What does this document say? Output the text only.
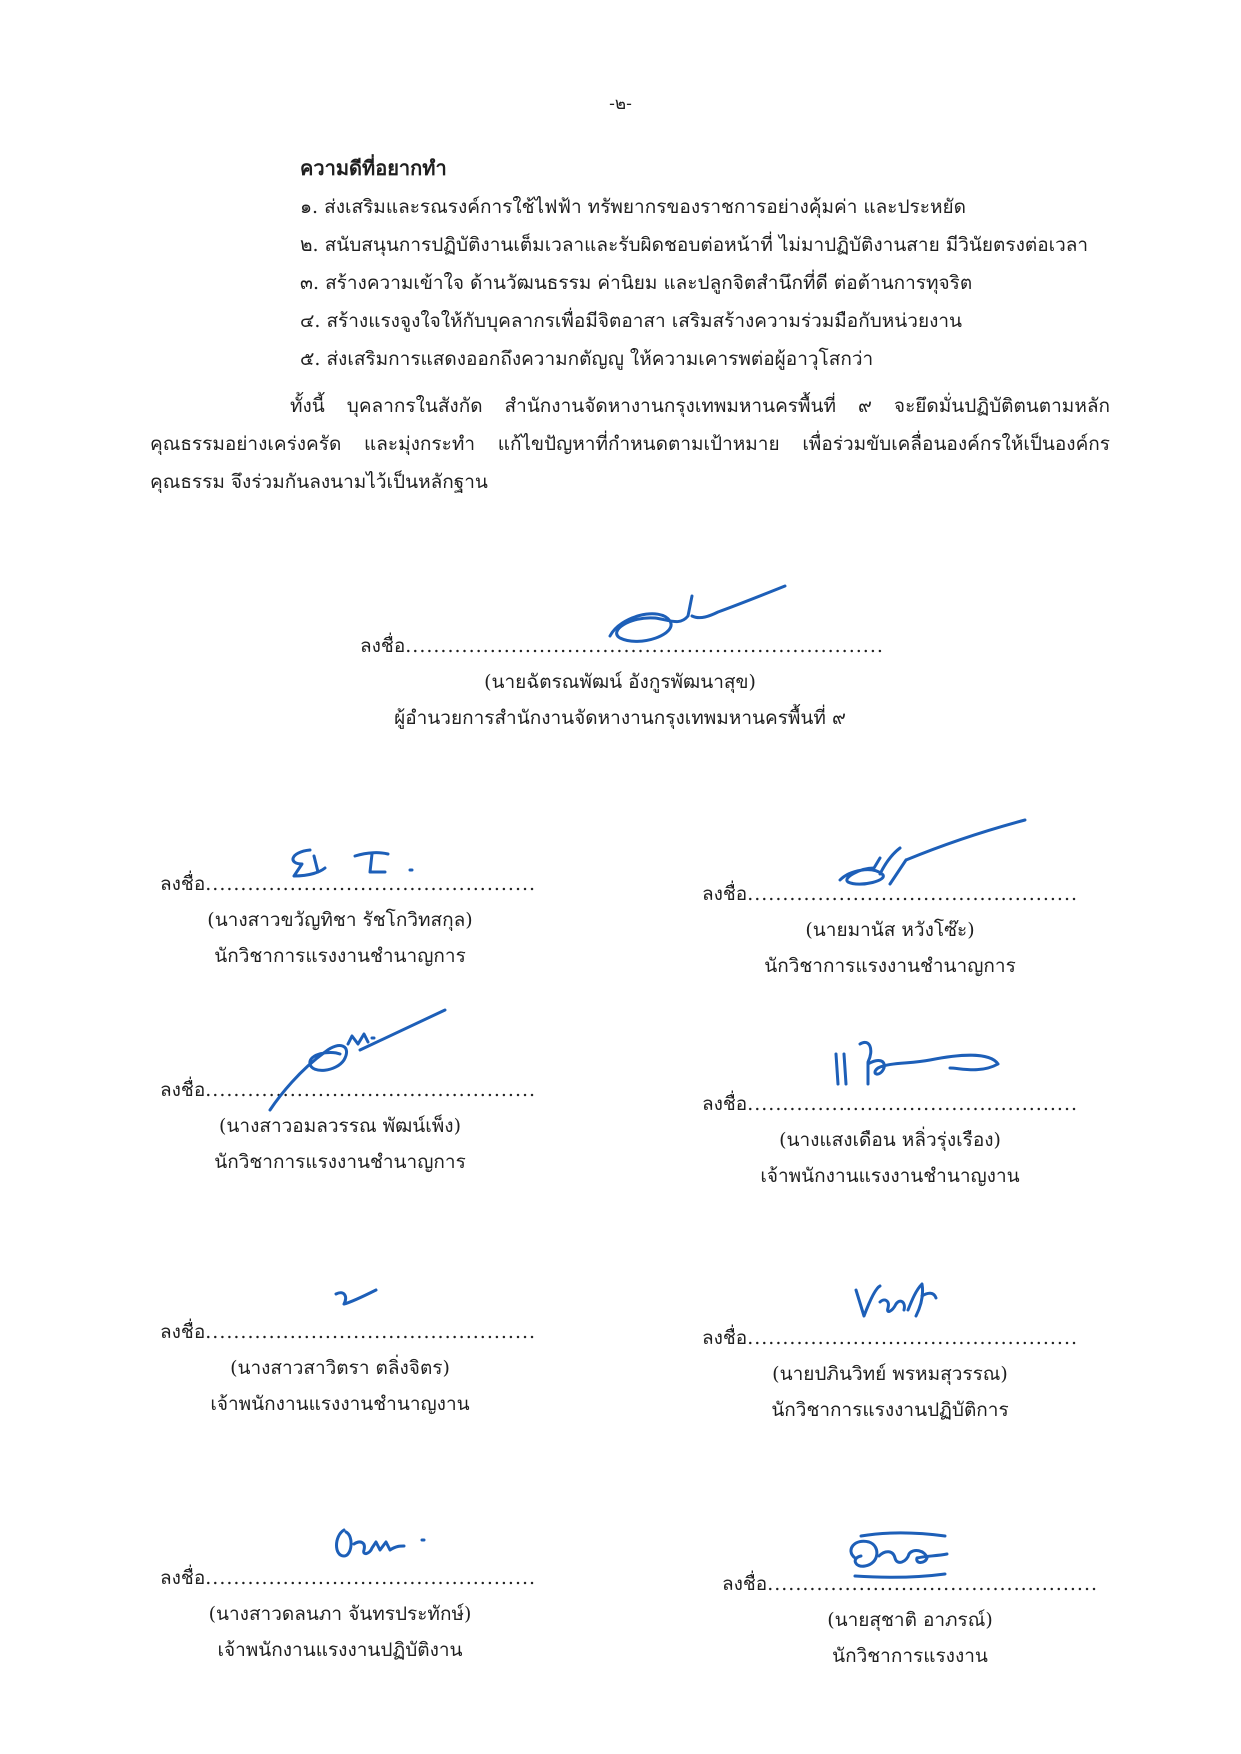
-๒-
ความดีที่อยากทำ
๑. ส่งเสริมและรณรงค์การใช้ไฟฟ้า ทรัพยากรของราชการอย่างคุ้มค่า และประหยัด
๒. สนับสนุนการปฏิบัติงานเต็มเวลาและรับผิดชอบต่อหน้าที่ ไม่มาปฏิบัติงานสาย มีวินัยตรงต่อเวลา
๓. สร้างความเข้าใจ ด้านวัฒนธรรม ค่านิยม และปลูกจิตสำนึกที่ดี ต่อต้านการทุจริต
๔. สร้างแรงจูงใจให้กับบุคลากรเพื่อมีจิตอาสา เสริมสร้างความร่วมมือกับหน่วยงาน
๕. ส่งเสริมการแสดงออกถึงความกตัญญู ให้ความเคารพต่อผู้อาวุโสกว่า
ทั้งนี้ บุคลากรในสังกัด สำนักงานจัดหางานกรุงเทพมหานครพื้นที่ ๙ จะยึดมั่นปฏิบัติตนตามหลักคุณธรรมอย่างเคร่งครัด และมุ่งกระทำ แก้ไขปัญหาที่กำหนดตามเป้าหมาย เพื่อร่วมขับเคลื่อนองค์กรให้เป็นองค์กรคุณธรรม จึงร่วมกันลงนามไว้เป็นหลักฐาน
ลงชื่อ....................................................................
(นายฉัตรณพัฒน์ อังกูรพัฒนาสุข)
ผู้อำนวยการสำนักงานจัดหางานกรุงเทพมหานครพื้นที่ ๙
ลงชื่อ...............................................
(นางสาวขวัญทิชา รัชโกวิทสกุล)
นักวิชาการแรงงานชำนาญการ
ลงชื่อ...............................................
(นายมานัส หวังโซ๊ะ)
นักวิชาการแรงงานชำนาญการ
ลงชื่อ...............................................
(นางสาวอมลวรรณ พัฒน์เพ็ง)
นักวิชาการแรงงานชำนาญการ
ลงชื่อ...............................................
(นางแสงเดือน หลิ่วรุ่งเรือง)
เจ้าพนักงานแรงงานชำนาญงาน
ลงชื่อ...............................................
(นางสาวสาวิตรา ตลิ่งจิตร)
เจ้าพนักงานแรงงานชำนาญงาน
ลงชื่อ...............................................
(นายปภินวิทย์ พรหมสุวรรณ)
นักวิชาการแรงงานปฏิบัติการ
ลงชื่อ...............................................
(นางสาวดลนภา จันทรประทักษ์)
เจ้าพนักงานแรงงานปฏิบัติงาน
ลงชื่อ...............................................
(นายสุชาติ อาภรณ์)
นักวิชาการแรงงาน
